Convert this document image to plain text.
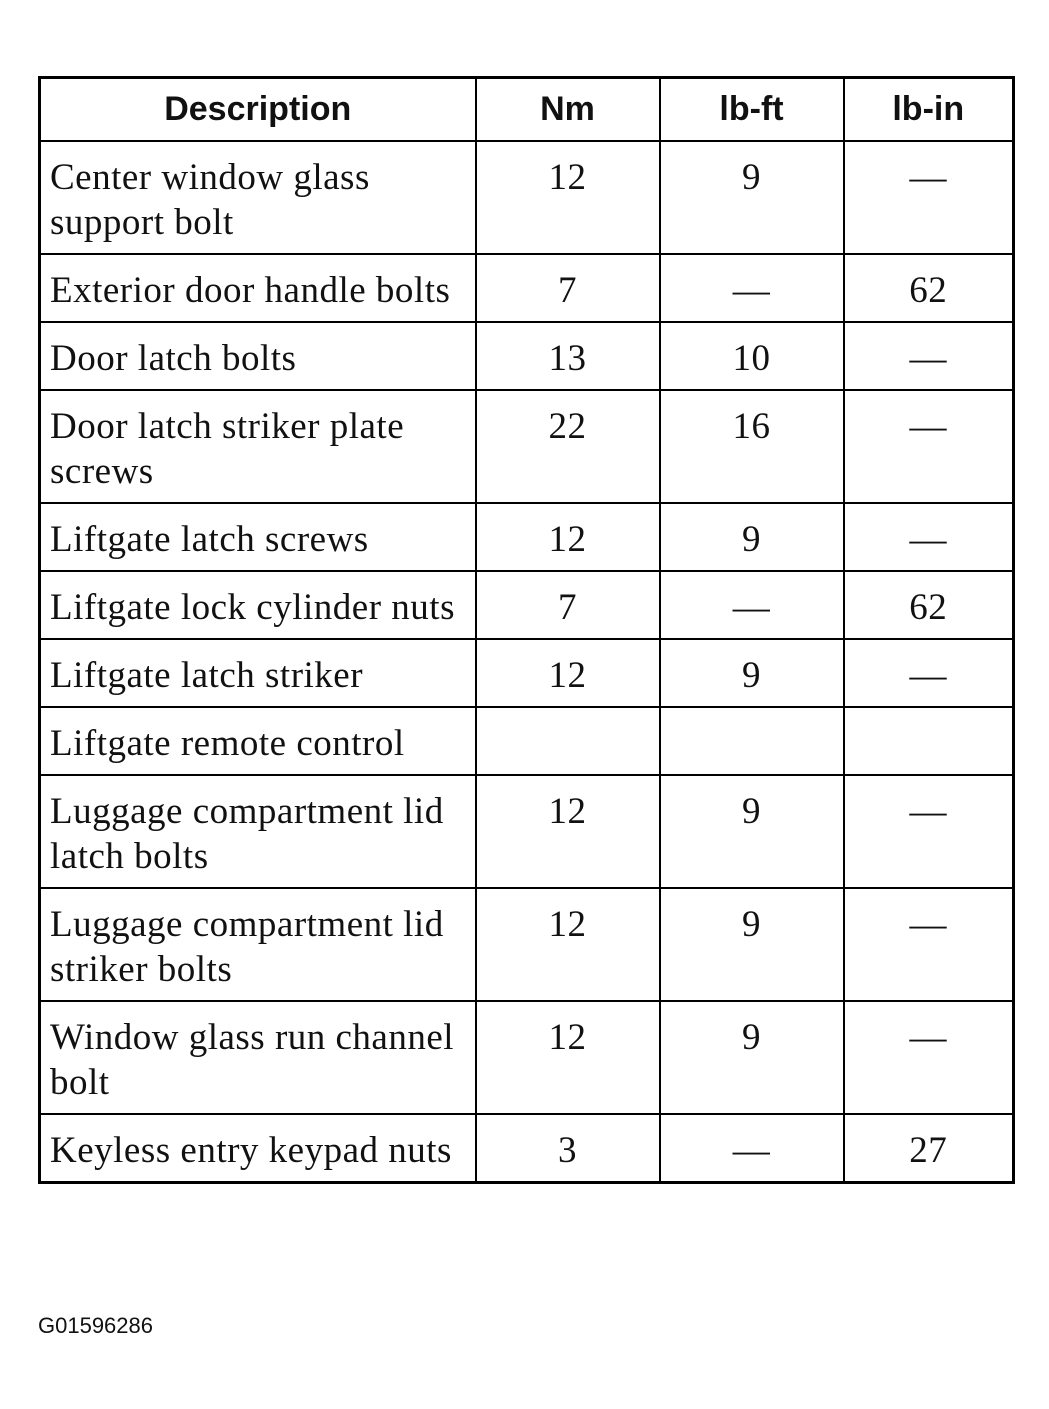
Description	Nm	lb-ft	lb-in
Center window glass support bolt	12	9	—
Exterior door handle bolts	7	—	62
Door latch bolts	13	10	—
Door latch striker plate screws	22	16	—
Liftgate latch screws	12	9	—
Liftgate lock cylinder nuts	7	—	62
Liftgate latch striker	12	9	—
Liftgate remote control			
Luggage compartment lid latch bolts	12	9	—
Luggage compartment lid striker bolts	12	9	—
Window glass run channel bolt	12	9	—
Keyless entry keypad nuts	3	—	27
G01596286
